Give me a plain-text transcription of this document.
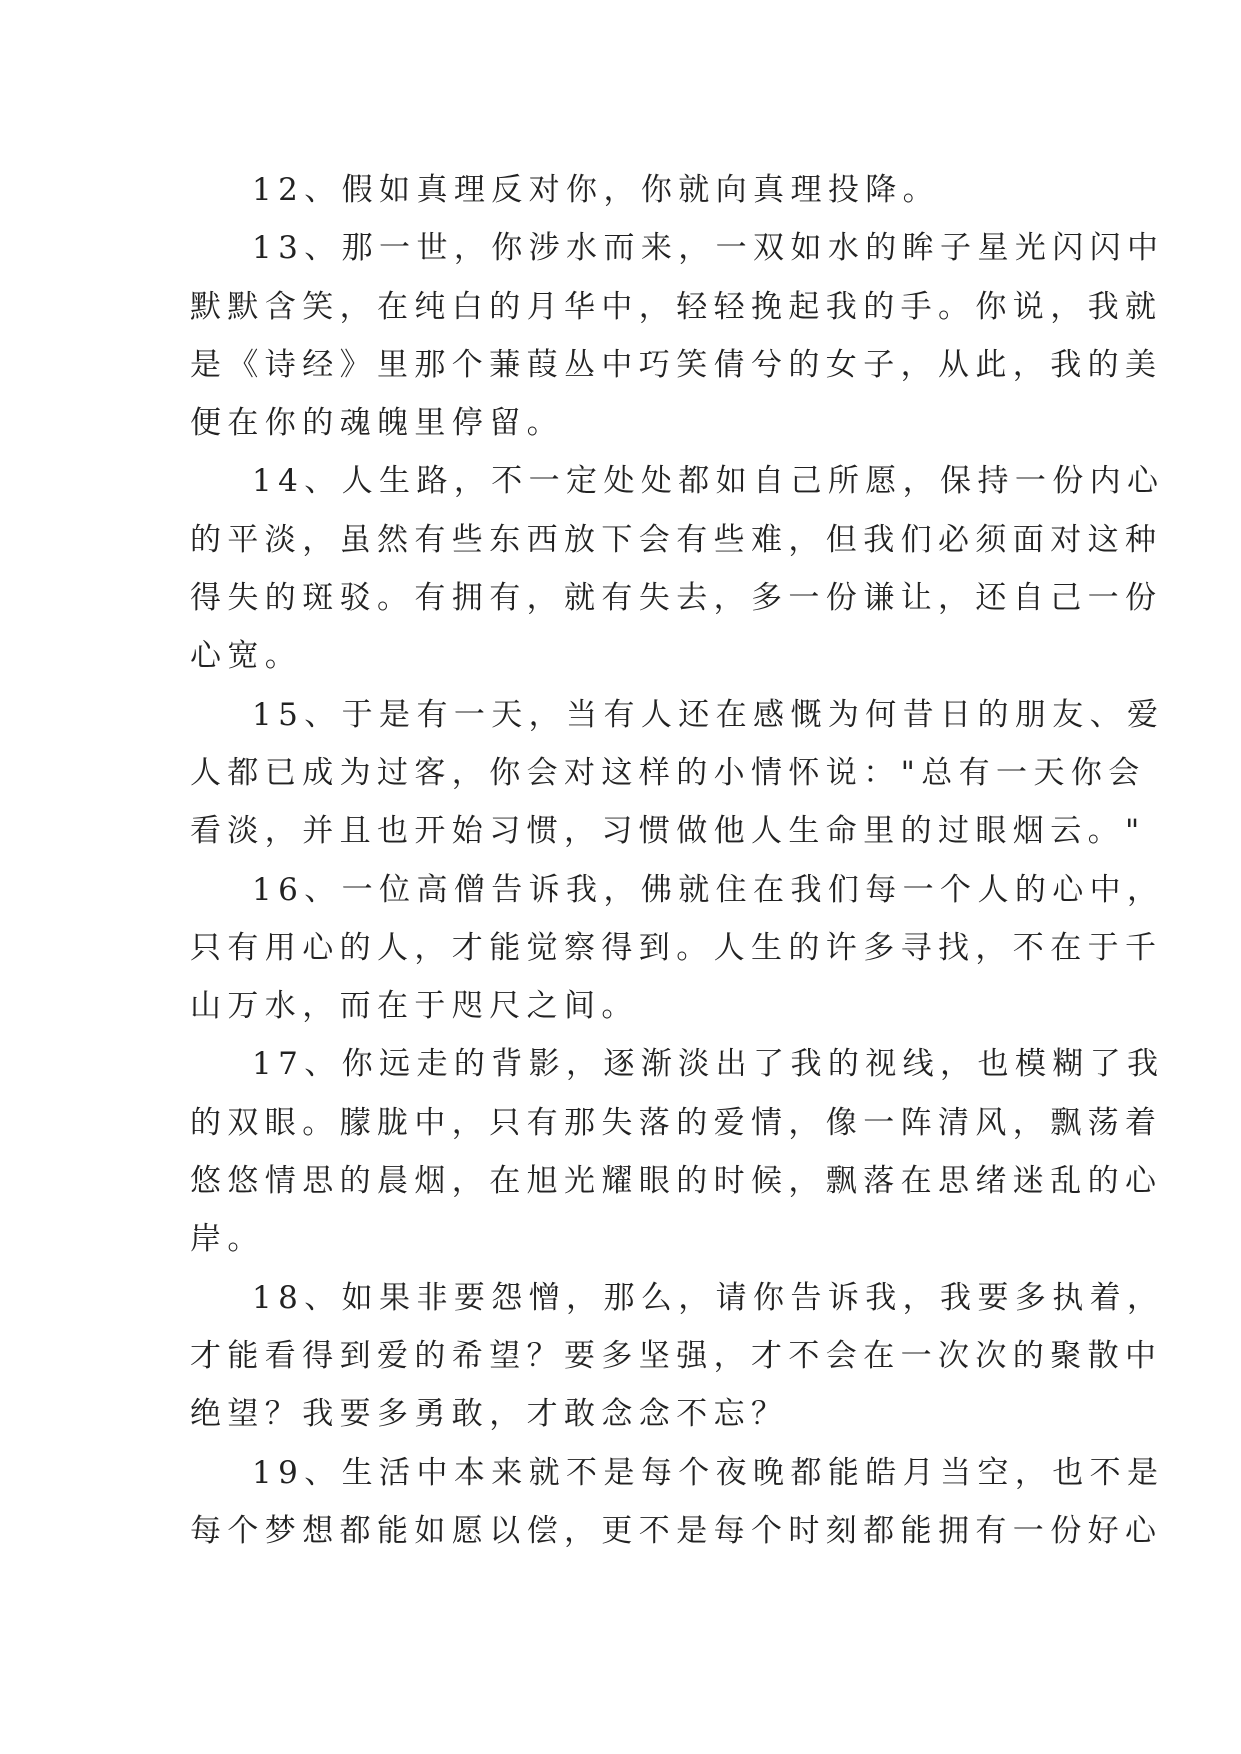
12、假如真理反对你，你就向真理投降。

13、那一世，你涉水而来，一双如水的眸子星光闪闪中
默默含笑，在纯白的月华中，轻轻挽起我的手。你说，我就
是《诗经》里那个蒹葭丛中巧笑倩兮的女子，从此，我的美
便在你的魂魄里停留。

14、人生路，不一定处处都如自己所愿，保持一份内心
的平淡，虽然有些东西放下会有些难，但我们必须面对这种
得失的斑驳。有拥有，就有失去，多一份谦让，还自己一份
心宽。

15、于是有一天，当有人还在感慨为何昔日的朋友、爱
人都已成为过客，你会对这样的小情怀说："总有一天你会
看淡，并且也开始习惯，习惯做他人生命里的过眼烟云。"

16、一位高僧告诉我，佛就住在我们每一个人的心中，
只有用心的人，才能觉察得到。人生的许多寻找，不在于千
山万水，而在于咫尺之间。

17、你远走的背影，逐渐淡出了我的视线，也模糊了我
的双眼。朦胧中，只有那失落的爱情，像一阵清风，飘荡着
悠悠情思的晨烟，在旭光耀眼的时候，飘落在思绪迷乱的心
岸。

18、如果非要怨憎，那么，请你告诉我，我要多执着，
才能看得到爱的希望？要多坚强，才不会在一次次的聚散中
绝望？我要多勇敢，才敢念念不忘？

19、生活中本来就不是每个夜晚都能皓月当空，也不是
每个梦想都能如愿以偿，更不是每个时刻都能拥有一份好心
